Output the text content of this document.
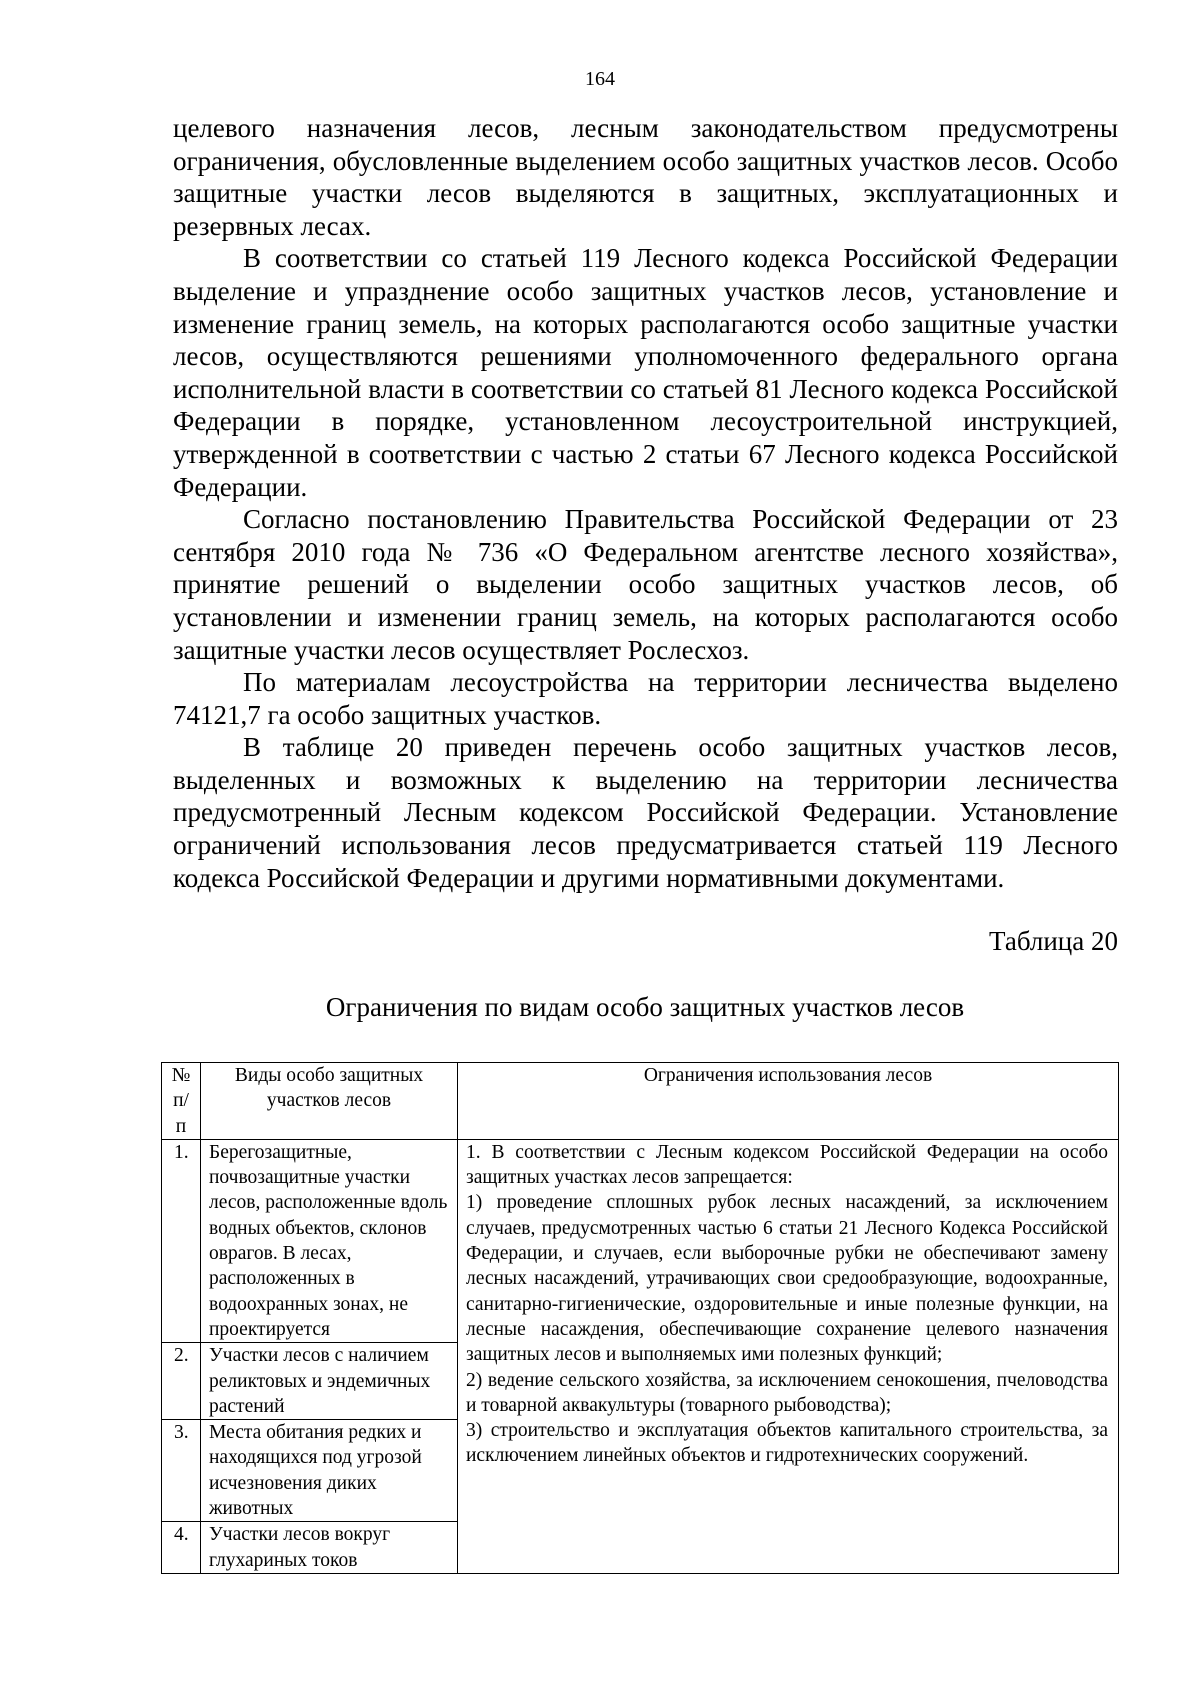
164

целевого назначения лесов, лесным законодательством предусмотрены ограничения, обусловленные выделением особо защитных участков лесов. Особо защитные участки лесов выделяются в защитных, эксплуатационных и резервных лесах.

В соответствии со статьей 119 Лесного кодекса Российской Федерации выделение и упразднение особо защитных участков лесов, установление и изменение границ земель, на которых располагаются особо защитные участки лесов, осуществляются решениями уполномоченного федерального органа исполнительной власти в соответствии со статьей 81 Лесного кодекса Российской Федерации в порядке, установленном лесоустроительной инструкцией, утвержденной в соответствии с частью 2 статьи 67 Лесного кодекса Российской Федерации.

Согласно постановлению Правительства Российской Федерации от 23 сентября 2010 года № 736 «О Федеральном агентстве лесного хозяйства», принятие решений о выделении особо защитных участков лесов, об установлении и изменении границ земель, на которых располагаются особо защитные участки лесов осуществляет Рослесхоз.

По материалам лесоустройства на территории лесничества выделено 74121,7 га особо защитных участков.

В таблице 20 приведен перечень особо защитных участков лесов, выделенных и возможных к выделению на территории лесничества предусмотренный Лесным кодексом Российской Федерации. Установление ограничений использования лесов предусматривается статьей 119 Лесного кодекса Российской Федерации и другими нормативными документами.

Таблица 20
Ограничения по видам особо защитных участков лесов
№ п/п	Виды особо защитных участков лесов	Ограничения использования лесов
1.	Берегозащитные, почвозащитные участки лесов, расположенные вдоль водных объектов, склонов оврагов. В лесах, расположенных в водоохранных зонах, не проектируется	1. В соответствии с Лесным кодексом Российской Федерации на особо защитных участках лесов запрещается:

1) проведение сплошных рубок лесных насаждений, за исключением случаев, предусмотренных частью 6 статьи 21 Лесного Кодекса Российской Федерации, и случаев, если выборочные рубки не обеспечивают замену лесных насаждений, утрачивающих свои средообразующие, водоохранные, санитарно-гигиенические, оздоровительные и иные полезные функции, на лесные насаждения, обеспечивающие сохранение целевого назначения защитных лесов и выполняемых ими полезных функций;

2) ведение сельского хозяйства, за исключением сенокошения, пчеловодства и товарной аквакультуры (товарного рыбоводства);

3) строительство и эксплуатация объектов капитального строительства, за исключением линейных объектов и гидротехнических сооружений.

2.	Участки лесов с наличием реликтовых и эндемичных растений	
3.	Места обитания редких и находящихся под угрозой исчезновения диких животных	
4.	Участки лесов вокруг глухариных токов	
